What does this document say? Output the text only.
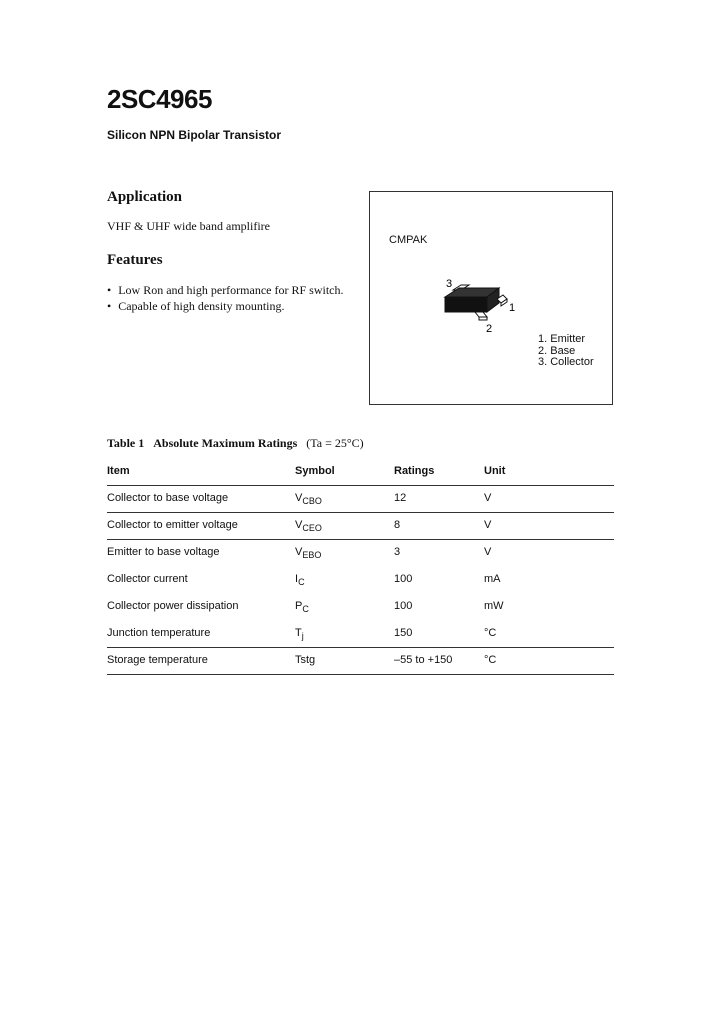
2SC4965
Silicon NPN Bipolar Transistor
Application
VHF & UHF wide band amplifire
Features
• Low Ron and high performance for RF switch.
• Capable of high density mounting.
CMPAK
3
1
2
1. Emitter
2. Base
3. Collector
Table 1 Absolute Maximum Ratings (Ta = 25°C)
Item	Symbol	Ratings	Unit
Collector to base voltage	$V_{CBO}$	12	V
Collector to emitter voltage	$V_{CEO}$	8	V
Emitter to base voltage	$V_{EBO}$	3	V
Collector current	$I_C$	100	mA
Collector power dissipation	$P_C$	100	mW
Junction temperature	$T_j$	150	°C
Storage temperature	Tstg	–55 to +150	°C
